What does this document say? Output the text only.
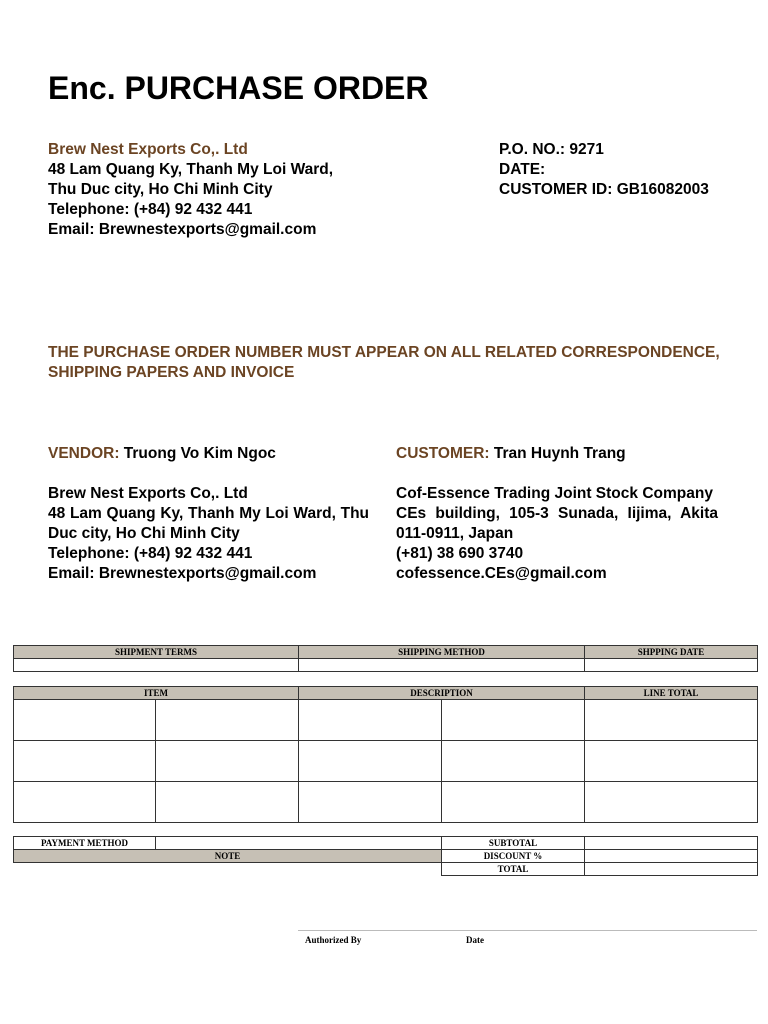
Enc. PURCHASE ORDER
Brew Nest Exports Co,. Ltd
48 Lam Quang Ky, Thanh My Loi Ward,
Thu Duc city, Ho Chi Minh City
Telephone: (+84) 92 432 441
Email: Brewnestexports@gmail.com
P.O. NO.: 9271
DATE:
CUSTOMER ID: GB16082003
THE PURCHASE ORDER NUMBER MUST APPEAR ON ALL RELATED CORRESPONDENCE, SHIPPING PAPERS AND INVOICE
VENDOR: Truong Vo Kim Ngoc
Brew Nest Exports Co,. Ltd
48 Lam Quang Ky, Thanh My Loi Ward, Thu Duc city, Ho Chi Minh City
Telephone: (+84) 92 432 441
Email: Brewnestexports@gmail.com
CUSTOMER: Tran Huynh Trang
Cof-Essence Trading Joint Stock Company
CEs building, 105-3 Sunada, Iijima, Akita 011-0911, Japan
(+81) 38 690 3740
cofessence.CEs@gmail.com
SHIPMENT TERMS	SHIPPING METHOD	SHPPING DATE

ITEM		DESCRIPTION		LINE TOTAL

PAYMENT METHOD		SUBTOTAL	
NOTE		DISCOUNT %	
		TOTAL	
Authorized By	Date
